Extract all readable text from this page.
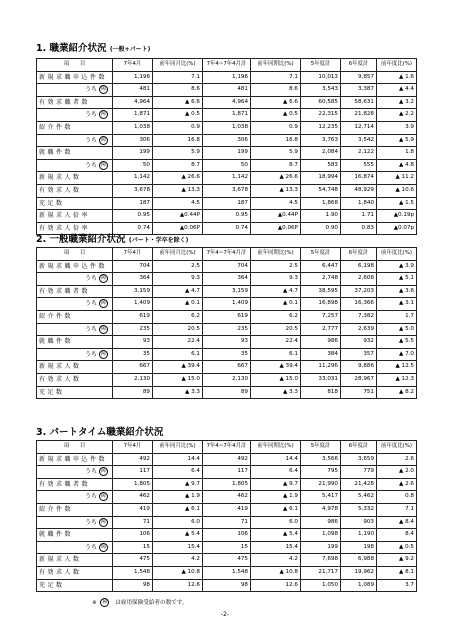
1. 職業紹介状況 (一般+パート)
項　　目	7年4月	前年同月比(%)	7年4~7年4月計	前年同期比(%)	5年度計	6年度計	前年度比(%)
新規求職申込件数	1,196	7.1	1,196	7.1	10,013	9,857	▲ 1.6
うち 障	481	8.6	481	8.6	3,543	3,387	▲ 4.4
有効求職者数	4,964	▲ 6.6	4,964	▲ 6.6	60,585	58,631	▲ 3.2
うち 障	1,871	▲ 0.5	1,871	▲ 0.5	22,315	21,828	▲ 2.2
紹介件数	1,038	0.9	1,038	0.9	12,235	12,714	3.9
うち 障	306	16.8	306	16.8	3,763	3,542	▲ 5.9
就職件数	199	5.9	199	5.9	2,084	2,122	1.8
うち 障	50	8.7	50	8.7	583	555	▲ 4.8
新規求人数	1,142	▲ 26.6	1,142	▲ 26.6	18,994	16,874	▲ 11.2
有効求人数	3,678	▲ 13.3	3,678	▲ 13.3	54,748	48,929	▲ 10.6
充足数	187	4.5	187	4.5	1,868	1,840	▲ 1.5
新規求人倍率	0.95	▲0.44P	0.95	▲0.44P	1.90	1.71	▲0.19p
有効求人倍率	0.74	▲0.06P	0.74	▲0.06P	0.90	0.83	▲0.07p
2. 一般職業紹介状況 (パート・学卒を除く)
項　　目	7年4月	前年同月比(%)	7年4~7年4月計	前年同期比(%)	5年度計	6年度計	前年度比(%)
新規求職申込件数	704	2.5	704	2.5	6,447	6,198	▲ 3.9
うち 障	364	9.3	364	9.3	2,748	2,608	▲ 5.1
有効求職者数	3,159	▲ 4.7	3,159	▲ 4.7	38,595	37,203	▲ 3.6
うち 障	1,409	▲ 0.1	1,409	▲ 0.1	16,898	16,366	▲ 3.1
紹介件数	619	6.2	619	6.2	7,257	7,382	1.7
うち 障	235	20.5	235	20.5	2,777	2,639	▲ 5.0
就職件数	93	22.4	93	22.4	986	932	▲ 5.5
うち 障	35	6.1	35	6.1	384	357	▲ 7.0
新規求人数	667	▲ 39.4	667	▲ 39.4	11,296	9,886	▲ 12.5
有効求人数	2,130	▲ 15.0	2,130	▲ 15.0	33,031	28,967	▲ 12.3
充足数	89	▲ 3.3	89	▲ 3.3	818	751	▲ 8.2
3. パートタイム職業紹介状況
項　　目	7年4月	前年同月比(%)	7年4~7年4月計	前年同期比(%)	5年度計	6年度計	前年度比(%)
新規求職申込件数	492	14.4	492	14.4	3,566	3,659	2.6
うち 障	117	6.4	117	6.4	795	779	▲ 2.0
有効求職者数	1,805	▲ 9.7	1,805	▲ 9.7	21,990	21,428	▲ 2.6
うち 障	462	▲ 1.9	462	▲ 1.9	5,417	5,462	0.8
紹介件数	419	▲ 6.1	419	▲ 6.1	4,978	5,332	7.1
うち 障	71	6.0	71	6.0	986	903	▲ 8.4
就職件数	106	▲ 5.4	106	▲ 5.4	1,098	1,190	8.4
うち 障	15	15.4	15	15.4	199	198	▲ 0.5
新規求人数	475	4.2	475	4.2	7,698	6,988	▲ 9.2
有効求人数	1,548	▲ 10.8	1,548	▲ 10.8	21,717	19,962	▲ 8.1
充足数	98	12.6	98	12.6	1,050	1,089	3.7
※ 障 は雇用保険受給者の数です。
-2-
